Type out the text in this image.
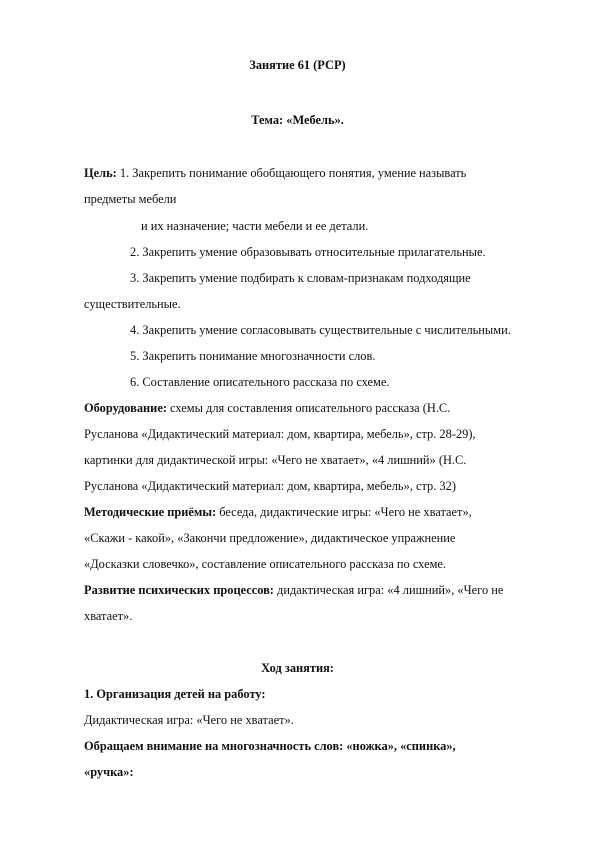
Занятие 61 (РСР)
Тема: «Мебель».
Цель: 1. Закрепить понимание обобщающего понятия, умение называть
предметы мебели
и их назначение; части мебели и ее детали.
2. Закрепить умение образовывать относительные прилагательные.
3. Закрепить умение подбирать к словам-признакам подходящие
существительные.
4. Закрепить умение согласовывать существительные с числительными.
5. Закрепить понимание многозначности слов.
6. Составление описательного рассказа по схеме.
Оборудование: схемы для составления описательного рассказа (Н.С.
Русланова «Дидактический материал: дом, квартира, мебель», стр. 28-29),
картинки для дидактической игры: «Чего не хватает», «4 лишний» (Н.С.
Русланова «Дидактический материал: дом, квартира, мебель», стр. 32)
Методические приёмы: беседа, дидактические игры: «Чего не хватает»,
«Скажи - какой», «Закончи предложение», дидактическое упражнение
«Досказки словечко», составление описательного рассказа по схеме.
Развитие психических процессов: дидактическая игра: «4 лишний», «Чего не
хватает».
Ход занятия:
1. Организация детей на работу:
Дидактическая игра: «Чего не хватает».
Обращаем внимание на многозначность слов: «ножка», «спинка»,
«ручка»:
